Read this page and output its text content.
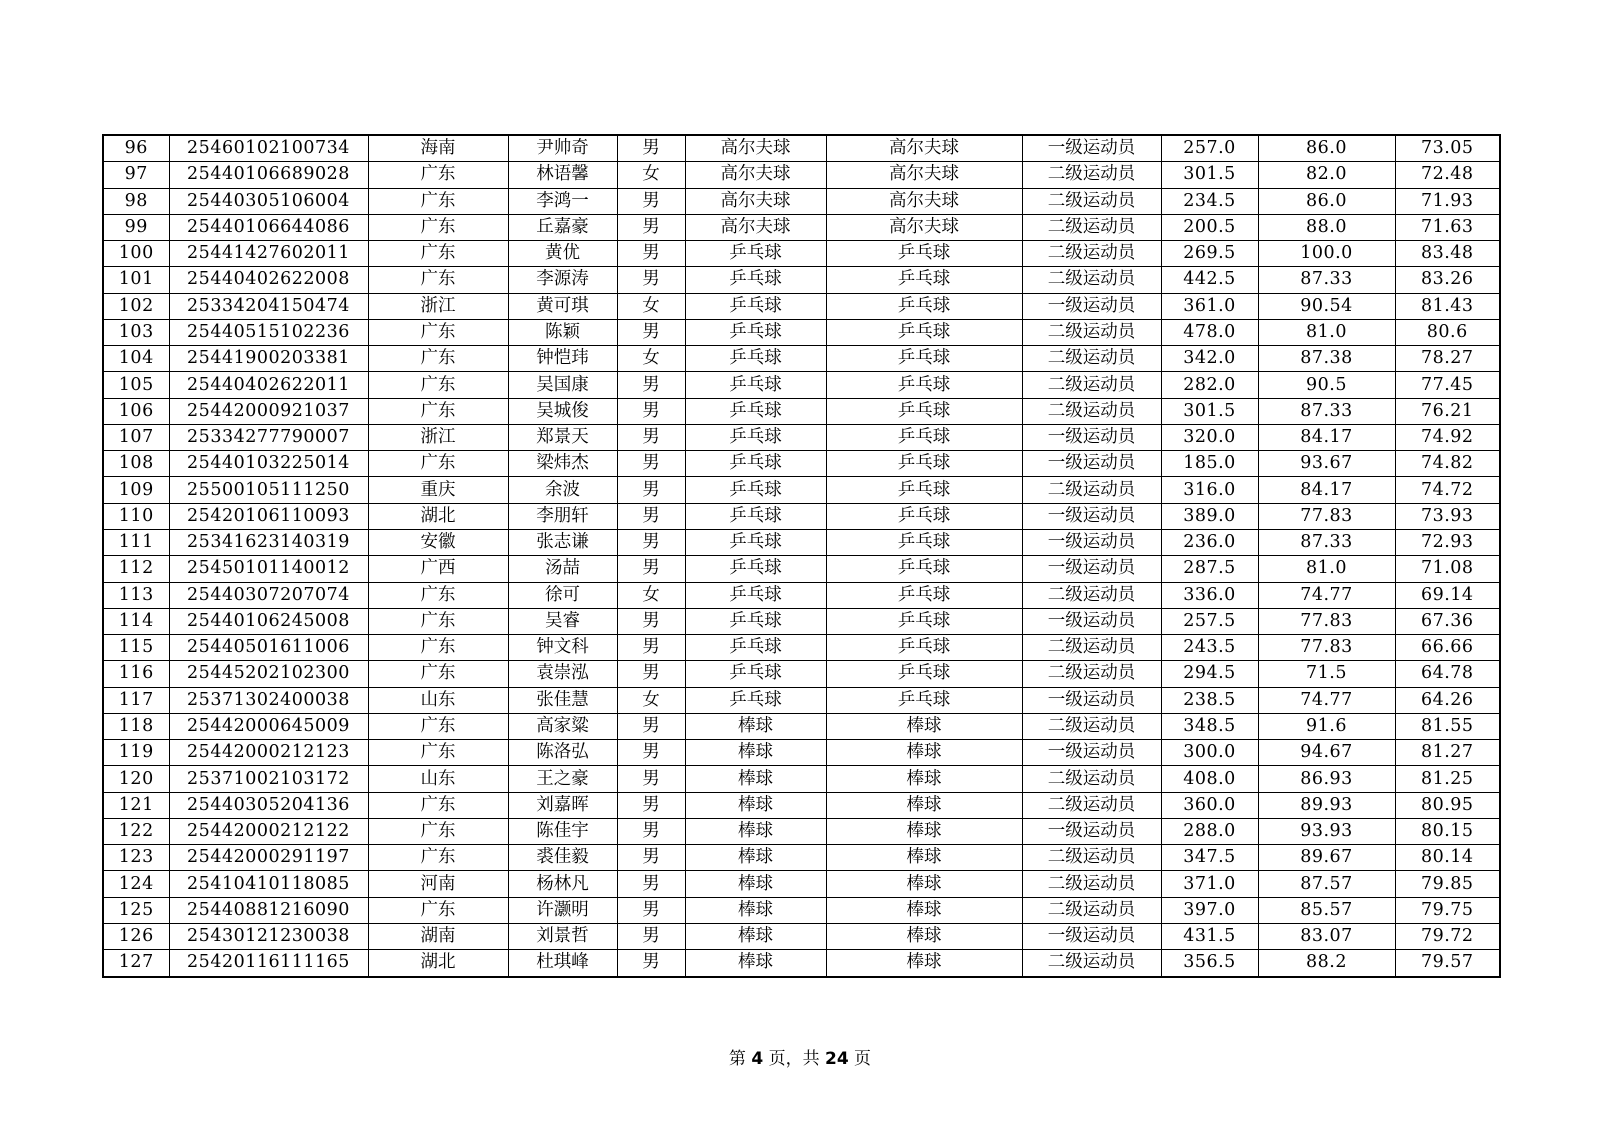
96	25460102100734	海南	尹帅奇	男	高尔夫球	高尔夫球	一级运动员	257.0	86.0	73.05
97	25440106689028	广东	林语馨	女	高尔夫球	高尔夫球	二级运动员	301.5	82.0	72.48
98	25440305106004	广东	李鸿一	男	高尔夫球	高尔夫球	二级运动员	234.5	86.0	71.93
99	25440106644086	广东	丘嘉豪	男	高尔夫球	高尔夫球	二级运动员	200.5	88.0	71.63
100	25441427602011	广东	黄优	男	乒乓球	乒乓球	二级运动员	269.5	100.0	83.48
101	25440402622008	广东	李源涛	男	乒乓球	乒乓球	二级运动员	442.5	87.33	83.26
102	25334204150474	浙江	黄可琪	女	乒乓球	乒乓球	一级运动员	361.0	90.54	81.43
103	25440515102236	广东	陈颖	男	乒乓球	乒乓球	二级运动员	478.0	81.0	80.6
104	25441900203381	广东	钟恺玮	女	乒乓球	乒乓球	二级运动员	342.0	87.38	78.27
105	25440402622011	广东	吴国康	男	乒乓球	乒乓球	二级运动员	282.0	90.5	77.45
106	25442000921037	广东	吴城俊	男	乒乓球	乒乓球	二级运动员	301.5	87.33	76.21
107	25334277790007	浙江	郑景天	男	乒乓球	乒乓球	一级运动员	320.0	84.17	74.92
108	25440103225014	广东	梁炜杰	男	乒乓球	乒乓球	一级运动员	185.0	93.67	74.82
109	25500105111250	重庆	余波	男	乒乓球	乒乓球	二级运动员	316.0	84.17	74.72
110	25420106110093	湖北	李朋轩	男	乒乓球	乒乓球	一级运动员	389.0	77.83	73.93
111	25341623140319	安徽	张志谦	男	乒乓球	乒乓球	一级运动员	236.0	87.33	72.93
112	25450101140012	广西	汤喆	男	乒乓球	乒乓球	一级运动员	287.5	81.0	71.08
113	25440307207074	广东	徐可	女	乒乓球	乒乓球	二级运动员	336.0	74.77	69.14
114	25440106245008	广东	吴睿	男	乒乓球	乒乓球	一级运动员	257.5	77.83	67.36
115	25440501611006	广东	钟文科	男	乒乓球	乒乓球	二级运动员	243.5	77.83	66.66
116	25445202102300	广东	袁崇泓	男	乒乓球	乒乓球	二级运动员	294.5	71.5	64.78
117	25371302400038	山东	张佳慧	女	乒乓球	乒乓球	一级运动员	238.5	74.77	64.26
118	25442000645009	广东	高家粱	男	棒球	棒球	二级运动员	348.5	91.6	81.55
119	25442000212123	广东	陈洛弘	男	棒球	棒球	一级运动员	300.0	94.67	81.27
120	25371002103172	山东	王之豪	男	棒球	棒球	二级运动员	408.0	86.93	81.25
121	25440305204136	广东	刘嘉晖	男	棒球	棒球	二级运动员	360.0	89.93	80.95
122	25442000212122	广东	陈佳宇	男	棒球	棒球	一级运动员	288.0	93.93	80.15
123	25442000291197	广东	裘佳毅	男	棒球	棒球	二级运动员	347.5	89.67	80.14
124	25410410118085	河南	杨林凡	男	棒球	棒球	二级运动员	371.0	87.57	79.85
125	25440881216090	广东	许灏明	男	棒球	棒球	二级运动员	397.0	85.57	79.75
126	25430121230038	湖南	刘景哲	男	棒球	棒球	一级运动员	431.5	83.07	79.72
127	25420116111165	湖北	杜琪峰	男	棒球	棒球	二级运动员	356.5	88.2	79.57
第 4 页，共 24 页
